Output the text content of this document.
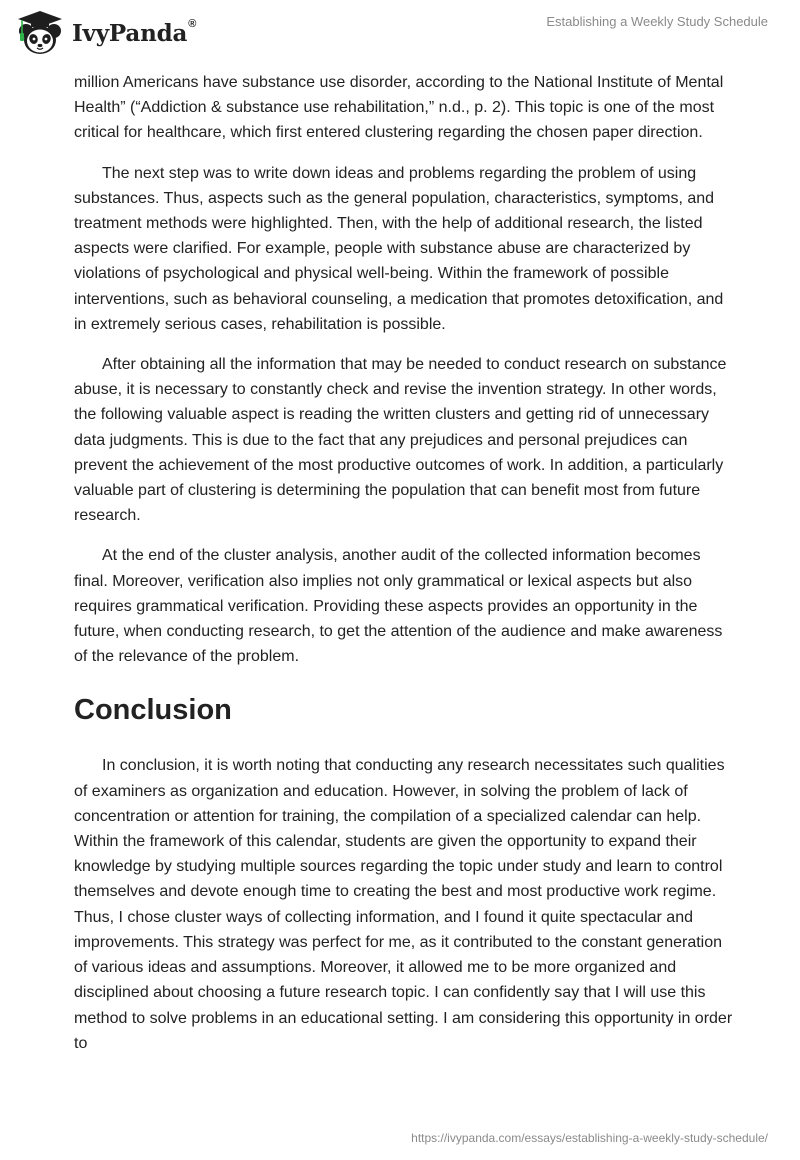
IvyPanda®	Establishing a Weekly Study Schedule

million Americans have substance use disorder, according to the National Institute of Mental Health” (“Addiction & substance use rehabilitation,” n.d., p. 2). This topic is one of the most critical for healthcare, which first entered clustering regarding the chosen paper direction.

The next step was to write down ideas and problems regarding the problem of using substances. Thus, aspects such as the general population, characteristics, symptoms, and treatment methods were highlighted. Then, with the help of additional research, the listed aspects were clarified. For example, people with substance abuse are characterized by violations of psychological and physical well-being. Within the framework of possible interventions, such as behavioral counseling, a medication that promotes detoxification, and in extremely serious cases, rehabilitation is possible.

After obtaining all the information that may be needed to conduct research on substance abuse, it is necessary to constantly check and revise the invention strategy. In other words, the following valuable aspect is reading the written clusters and getting rid of unnecessary data judgments. This is due to the fact that any prejudices and personal prejudices can prevent the achievement of the most productive outcomes of work. In addition, a particularly valuable part of clustering is determining the population that can benefit most from future research.

At the end of the cluster analysis, another audit of the collected information becomes final. Moreover, verification also implies not only grammatical or lexical aspects but also requires grammatical verification. Providing these aspects provides an opportunity in the future, when conducting research, to get the attention of the audience and make awareness of the relevance of the problem.

Conclusion

In conclusion, it is worth noting that conducting any research necessitates such qualities of examiners as organization and education. However, in solving the problem of lack of concentration or attention for training, the compilation of a specialized calendar can help. Within the framework of this calendar, students are given the opportunity to expand their knowledge by studying multiple sources regarding the topic under study and learn to control themselves and devote enough time to creating the best and most productive work regime. Thus, I chose cluster ways of collecting information, and I found it quite spectacular and improvements. This strategy was perfect for me, as it contributed to the constant generation of various ideas and assumptions. Moreover, it allowed me to be more organized and disciplined about choosing a future research topic. I can confidently say that I will use this method to solve problems in an educational setting. I am considering this opportunity in order to

https://ivypanda.com/essays/establishing-a-weekly-study-schedule/
